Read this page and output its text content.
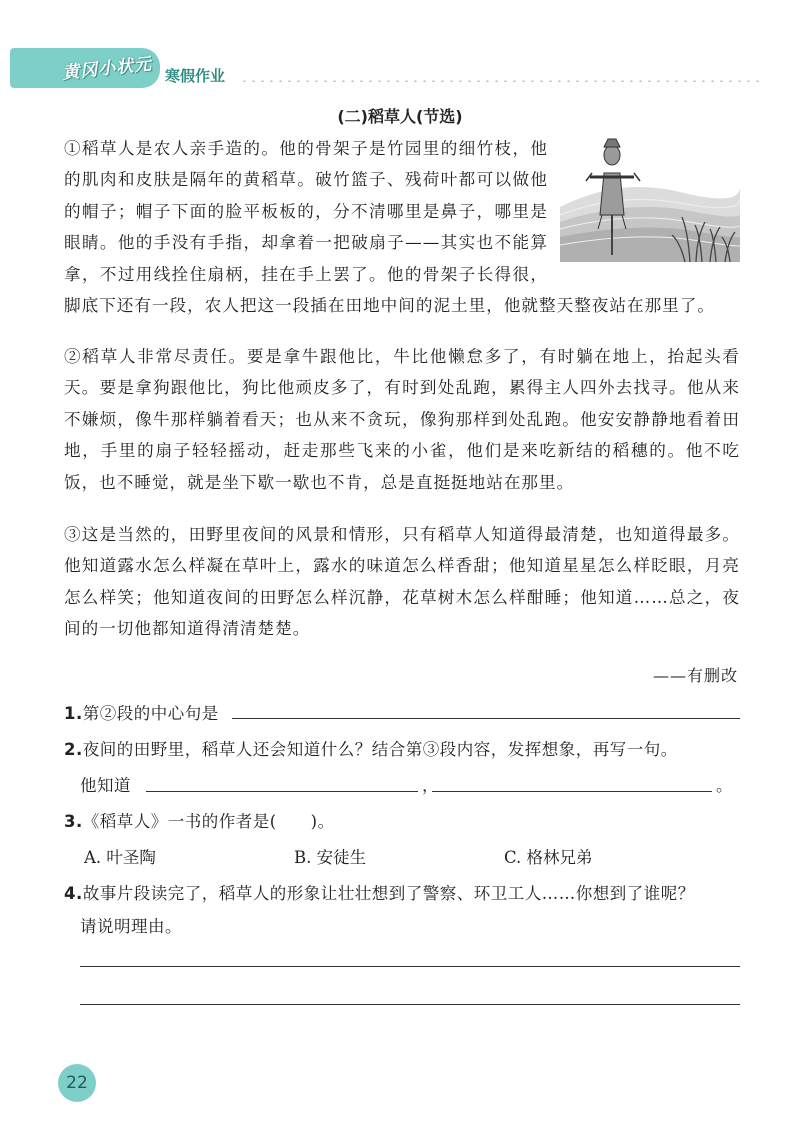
黄冈小状元 寒假作业
(二)稻草人(节选)
①稻草人是农人亲手造的。他的骨架子是竹园里的细竹枝，他的肌肉和皮肤是隔年的黄稻草。破竹篮子、残荷叶都可以做他的帽子；帽子下面的脸平板板的，分不清哪里是鼻子，哪里是眼睛。他的手没有手指，却拿着一把破扇子——其实也不能算拿，不过用线拴住扇柄，挂在手上罢了。他的骨架子长得很，脚底下还有一段，农人把这一段插在田地中间的泥土里，他就整天整夜站在那里了。
②稻草人非常尽责任。要是拿牛跟他比，牛比他懒怠多了，有时躺在地上，抬起头看天。要是拿狗跟他比，狗比他顽皮多了，有时到处乱跑，累得主人四外去找寻。他从来不嫌烦，像牛那样躺着看天；也从来不贪玩，像狗那样到处乱跑。他安安静静地看着田地，手里的扇子轻轻摇动，赶走那些飞来的小雀，他们是来吃新结的稻穗的。他不吃饭，也不睡觉，就是坐下歇一歇也不肯，总是直挺挺地站在那里。
③这是当然的，田野里夜间的风景和情形，只有稻草人知道得最清楚，也知道得最多。他知道露水怎么样凝在草叶上，露水的味道怎么样香甜；他知道星星怎么样眨眼，月亮怎么样笑；他知道夜间的田野怎么样沉静，花草树木怎么样酣睡；他知道……总之，夜间的一切他都知道得清清楚楚。
——有删改
1.第②段的中心句是
2.夜间的田野里，稻草人还会知道什么？结合第③段内容，发挥想象，再写一句。
他知道	，	。
3.《稻草人》一书的作者是(　　)。
A. 叶圣陶	B. 安徒生	C. 格林兄弟
4.故事片段读完了，稻草人的形象让壮壮想到了警察、环卫工人……你想到了谁呢？
请说明理由。
22
